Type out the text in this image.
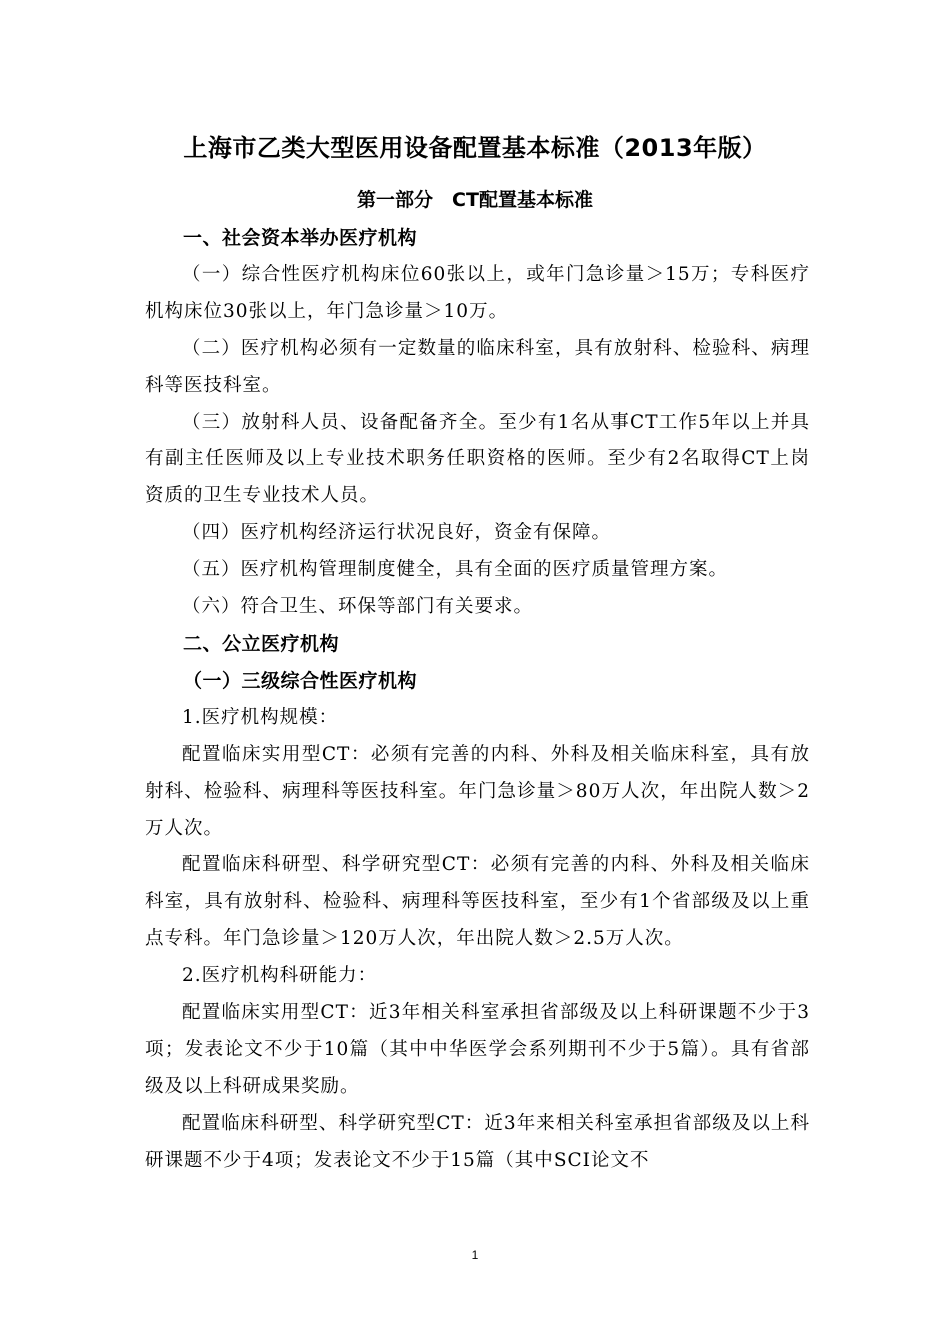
上海市乙类大型医用设备配置基本标准（2013年版）
第一部分　CT配置基本标准

一、社会资本举办医疗机构

（一）综合性医疗机构床位60张以上，或年门急诊量＞15万；专科医疗机构床位30张以上，年门急诊量＞10万。

（二）医疗机构必须有一定数量的临床科室，具有放射科、检验科、病理科等医技科室。

（三）放射科人员、设备配备齐全。至少有1名从事CT工作5年以上并具有副主任医师及以上专业技术职务任职资格的医师。至少有2名取得CT上岗资质的卫生专业技术人员。

（四）医疗机构经济运行状况良好，资金有保障。

（五）医疗机构管理制度健全，具有全面的医疗质量管理方案。

（六）符合卫生、环保等部门有关要求。

二、公立医疗机构

（一）三级综合性医疗机构

1.医疗机构规模：

配置临床实用型CT：必须有完善的内科、外科及相关临床科室，具有放射科、检验科、病理科等医技科室。年门急诊量＞80万人次，年出院人数＞2万人次。

配置临床科研型、科学研究型CT：必须有完善的内科、外科及相关临床科室，具有放射科、检验科、病理科等医技科室，至少有1个省部级及以上重点专科。年门急诊量＞120万人次，年出院人数＞2.5万人次。

2.医疗机构科研能力：

配置临床实用型CT：近3年相关科室承担省部级及以上科研课题不少于3项；发表论文不少于10篇（其中中华医学会系列期刊不少于5篇）。具有省部级及以上科研成果奖励。

配置临床科研型、科学研究型CT：近3年来相关科室承担省部级及以上科研课题不少于4项；发表论文不少于15篇（其中SCI论文不

1
